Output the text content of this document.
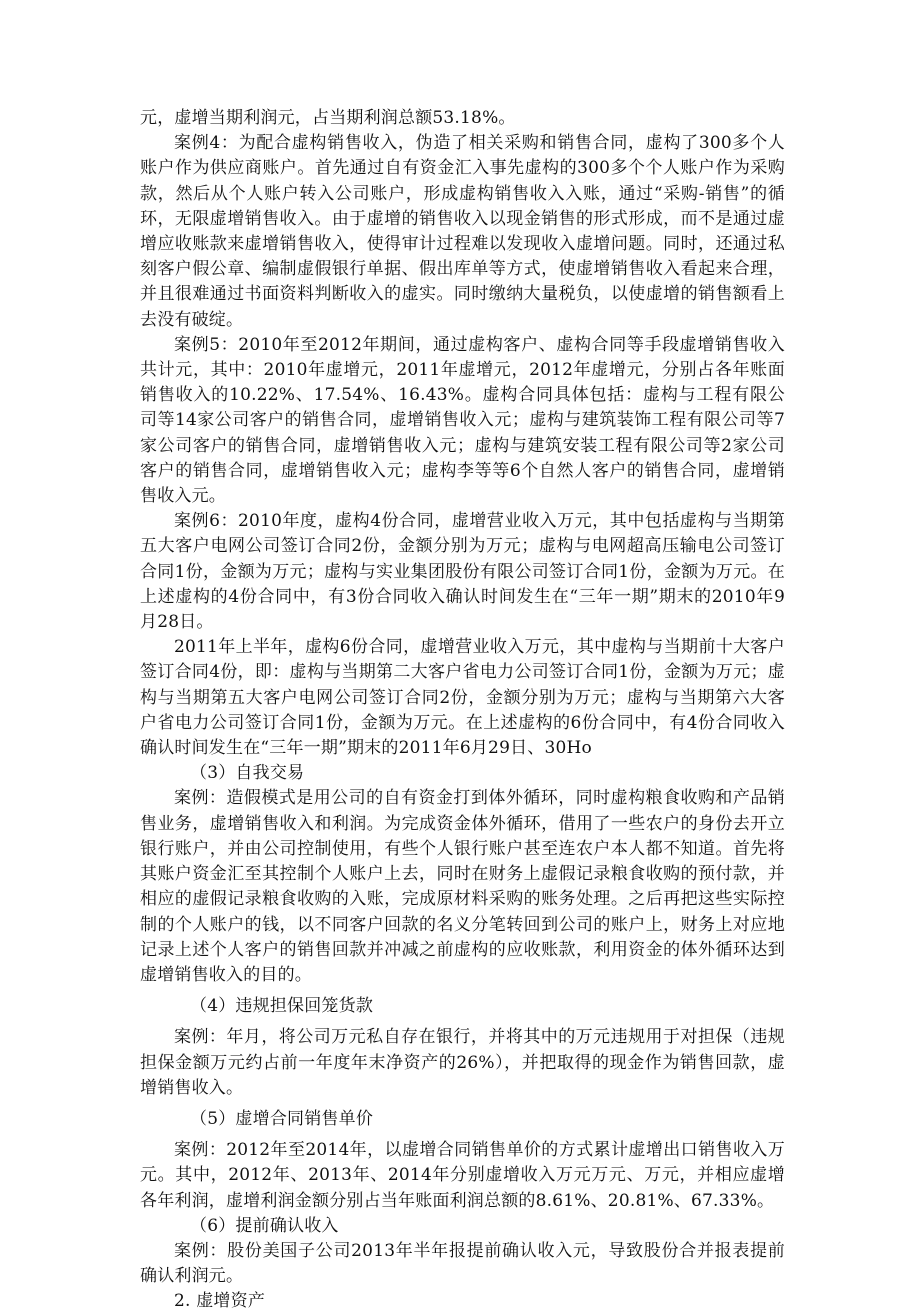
元，虚增当期利润元，占当期利润总额53.18%。

案例4：为配合虚构销售收入，伪造了相关采购和销售合同，虚构了300多个人账户作为供应商账户。首先通过自有资金汇入事先虚构的300多个个人账户作为采购款，然后从个人账户转入公司账户，形成虚构销售收入入账，通过“采购-销售”的循环，无限虚增销售收入。由于虚增的销售收入以现金销售的形式形成，而不是通过虚增应收账款来虚增销售收入，使得审计过程难以发现收入虚增问题。同时，还通过私刻客户假公章、编制虚假银行单据、假出库单等方式，使虚增销售收入看起来合理，并且很难通过书面资料判断收入的虚实。同时缴纳大量税负，以使虚增的销售额看上去没有破绽。

案例5：2010年至2012年期间，通过虚构客户、虚构合同等手段虚增销售收入共计元，其中：2010年虚增元，2011年虚增元，2012年虚增元，分别占各年账面销售收入的10.22%、17.54%、16.43%。虚构合同具体包括：虚构与工程有限公司等14家公司客户的销售合同，虚增销售收入元；虚构与建筑装饰工程有限公司等7家公司客户的销售合同，虚增销售收入元；虚构与建筑安装工程有限公司等2家公司客户的销售合同，虚增销售收入元；虚构李等等6个自然人客户的销售合同，虚增销售收入元。

案例6：2010年度，虚构4份合同，虚增营业收入万元，其中包括虚构与当期第五大客户电网公司签订合同2份，金额分别为万元；虚构与电网超高压输电公司签订合同1份，金额为万元；虚构与实业集团股份有限公司签订合同1份，金额为万元。在上述虚构的4份合同中，有3份合同收入确认时间发生在“三年一期”期末的2010年9月28日。

2011年上半年，虚构6份合同，虚增营业收入万元，其中虚构与当期前十大客户签订合同4份，即：虚构与当期第二大客户省电力公司签订合同1份，金额为万元；虚构与当期第五大客户电网公司签订合同2份，金额分别为万元；虚构与当期第六大客户省电力公司签订合同1份，金额为万元。在上述虚构的6份合同中，有4份合同收入确认时间发生在“三年一期”期末的2011年6月29日、30Ho

（3）自我交易

案例：造假模式是用公司的自有资金打到体外循环，同时虚构粮食收购和产品销售业务，虚增销售收入和利润。为完成资金体外循环，借用了一些农户的身份去开立银行账户，并由公司控制使用，有些个人银行账户甚至连农户本人都不知道。首先将其账户资金汇至其控制个人账户上去，同时在财务上虚假记录粮食收购的预付款，并相应的虚假记录粮食收购的入账，完成原材料采购的账务处理。之后再把这些实际控制的个人账户的钱，以不同客户回款的名义分笔转回到公司的账户上，财务上对应地记录上述个人客户的销售回款并冲减之前虚构的应收账款，利用资金的体外循环达到虚增销售收入的目的。

（4）违规担保回笼货款

案例：年月，将公司万元私自存在银行，并将其中的万元违规用于对担保（违规担保金额万元约占前一年度年末净资产的26%），并把取得的现金作为销售回款，虚增销售收入。

（5）虚增合同销售单价

案例：2012年至2014年，以虚增合同销售单价的方式累计虚增出口销售收入万元。其中，2012年、2013年、2014年分别虚增收入万元万元、万元，并相应虚增各年利润，虚增利润金额分别占当年账面利润总额的8.61%、20.81%、67.33%。

（6）提前确认收入

案例：股份美国子公司2013年半年报提前确认收入元，导致股份合并报表提前确认利润元。

2. 虚增资产
